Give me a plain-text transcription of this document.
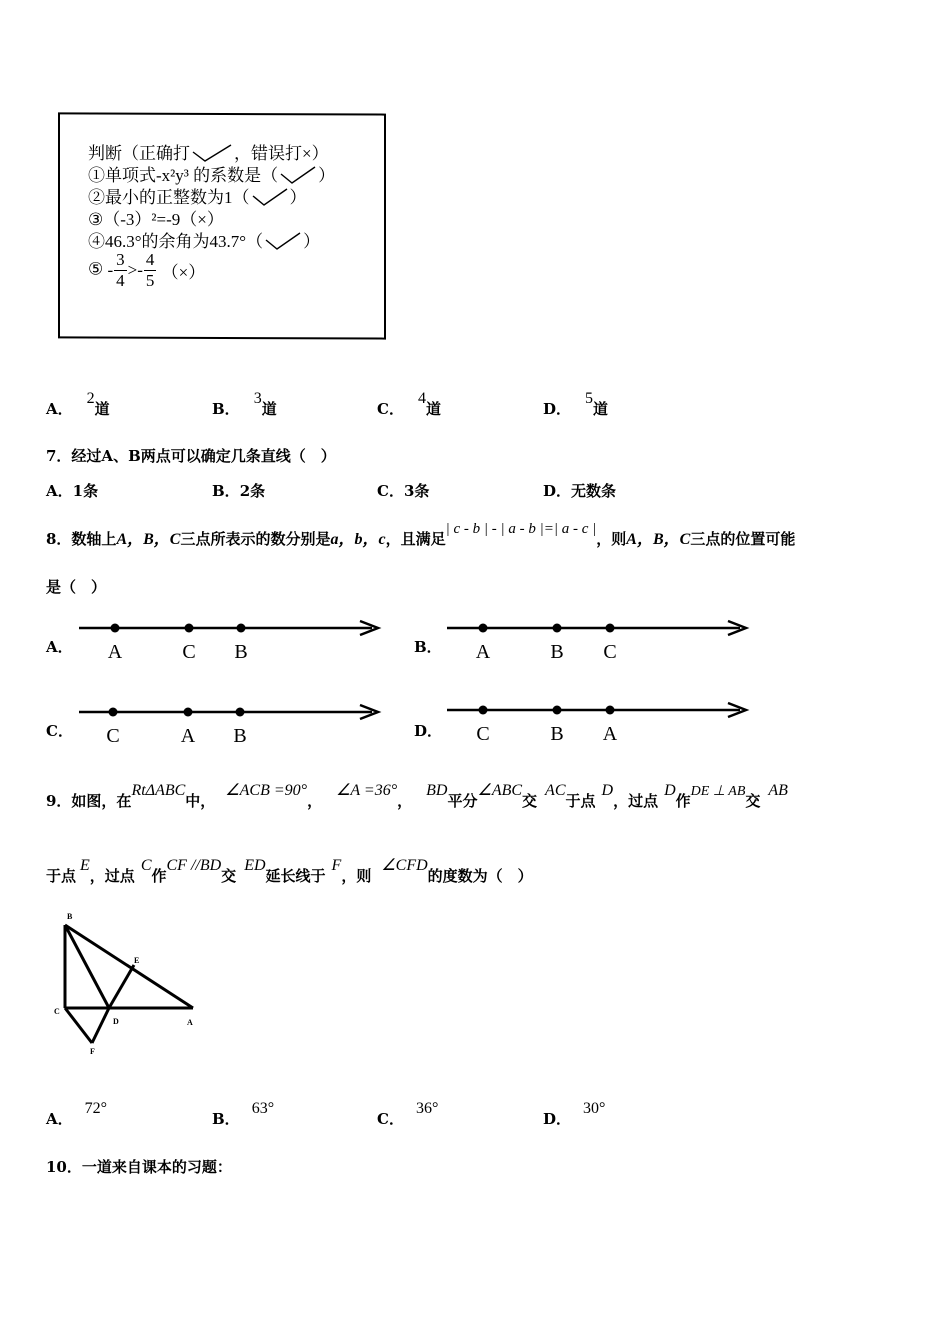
判断（正确打	，错误打×）
①单项式-x²y³ 的系数是（ ）
②最小的正整数为1（ ）
③（-3）²=-9（×）
④46.3°的余角为43.7°（ ）
⑤ - $\frac{3}{4} >- \frac{4}{5}$ （×）
A．2道	B．3道	C．4道	D．5道
7．经过A、B两点可以确定几条直线（　）
A．1条	B．2条	C．3条	D．无数条
8．数轴上A，B，C三点所表示的数分别是a，b，c，且满足| c - b | - | a - b |=| a - c |，则A，B，C三点的位置可能
是（　）
A． A	C B	B． A	B C
C． C	A B	D． C	B A
9．如图，在RtΔABC中，∠ACB =90°，∠A =36°，BD平分∠ABC交AC于点D，过点D作DE ⊥ AB交AB
于点E，过点C作CF //BD交ED延长线于F，则∠CFD的度数为（　）
B
E
C
D	A
F
A．72°
B．63°
C．36°
D．30°
10．一道来自课本的习题：
